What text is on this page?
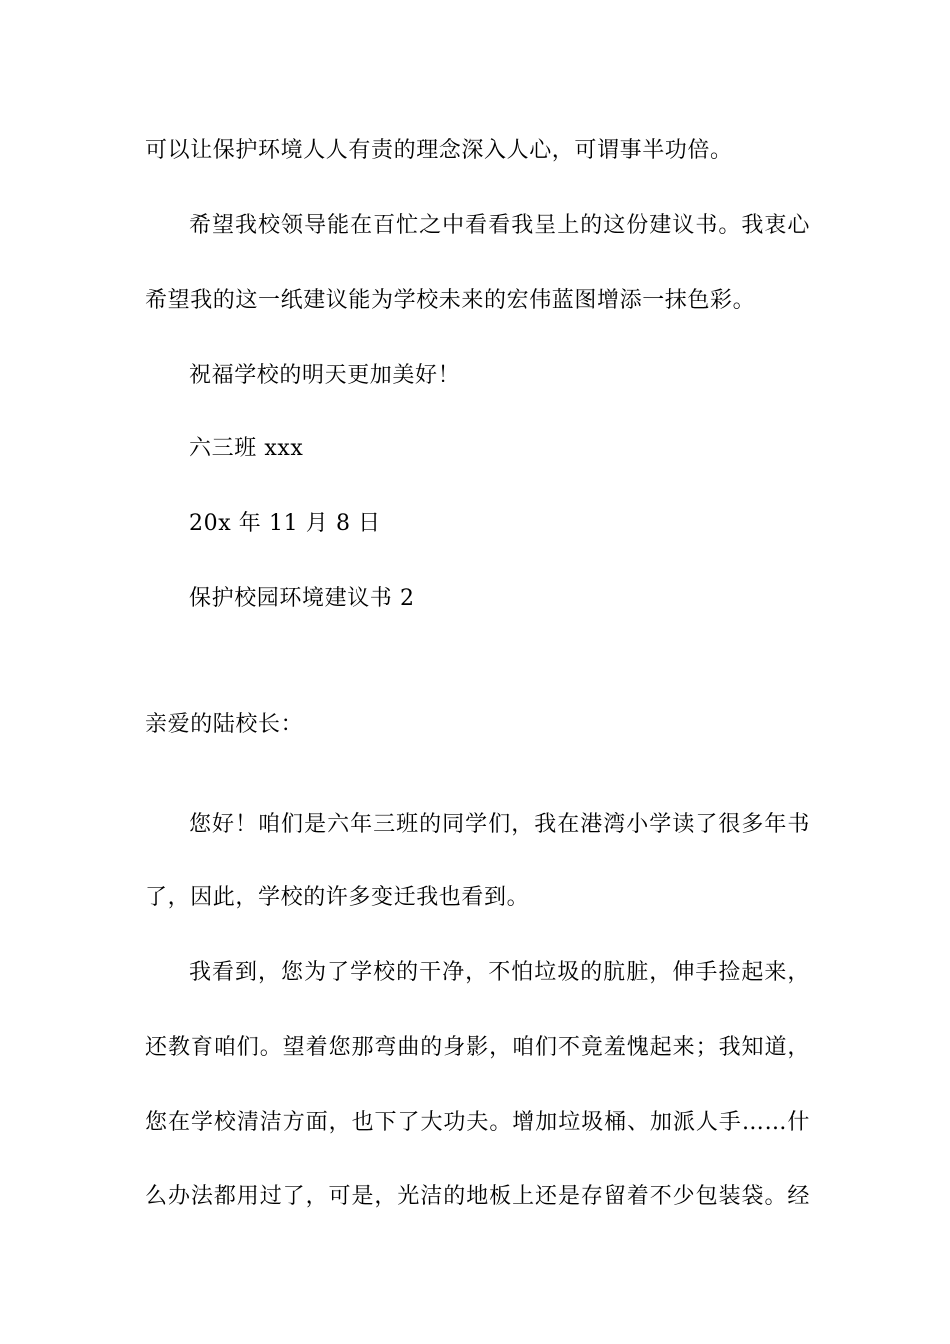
可以让保护环境人人有责的理念深入人心，可谓事半功倍。
希望我校领导能在百忙之中看看我呈上的这份建议书。我衷心
希望我的这一纸建议能为学校未来的宏伟蓝图增添一抹色彩。
祝福学校的明天更加美好！
六三班 xxx
20x 年 11 月 8 日
保护校园环境建议书 2
亲爱的陆校长：
您好！咱们是六年三班的同学们，我在港湾小学读了很多年书
了，因此，学校的许多变迁我也看到。
我看到，您为了学校的干净，不怕垃圾的肮脏，伸手捡起来，
还教育咱们。望着您那弯曲的身影，咱们不竟羞愧起来；我知道，
您在学校清洁方面，也下了大功夫。增加垃圾桶、加派人手……什
么办法都用过了，可是，光洁的地板上还是存留着不少包装袋。经
